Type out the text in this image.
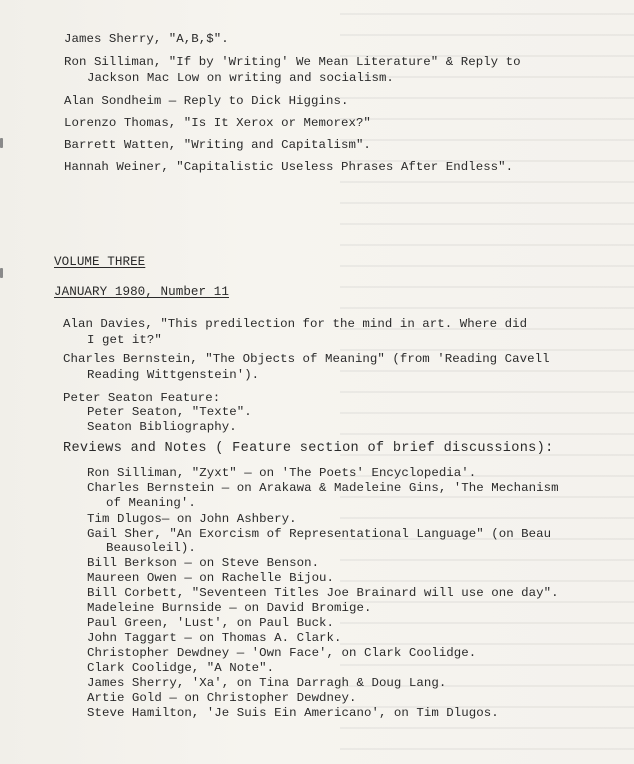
James Sherry, "A,B,$".
Ron Silliman, "If by 'Writing' We Mean Literature" & Reply to
Jackson Mac Low on writing and socialism.
Alan Sondheim — Reply to Dick Higgins.
Lorenzo Thomas, "Is It Xerox or Memorex?"
Barrett Watten, "Writing and Capitalism".
Hannah Weiner, "Capitalistic Useless Phrases After Endless".
VOLUME THREE
JANUARY 1980, Number 11
Alan Davies, "This predilection for the mind in art. Where did
I get it?"
Charles Bernstein, "The Objects of Meaning" (from 'Reading Cavell
Reading Wittgenstein').
Peter Seaton Feature:
Peter Seaton, "Texte".
Seaton Bibliography.
Reviews and Notes ( Feature section of brief discussions):
Ron Silliman, "Zyxt" — on 'The Poets' Encyclopedia'.
Charles Bernstein — on Arakawa & Madeleine Gins, 'The Mechanism
of Meaning'.
Tim Dlugos— on John Ashbery.
Gail Sher, "An Exorcism of Representational Language" (on Beau
Beausoleil).
Bill Berkson — on Steve Benson.
Maureen Owen — on Rachelle Bijou.
Bill Corbett, "Seventeen Titles Joe Brainard will use one day".
Madeleine Burnside — on David Bromige.
Paul Green, 'Lust', on Paul Buck.
John Taggart — on Thomas A. Clark.
Christopher Dewdney — 'Own Face', on Clark Coolidge.
Clark Coolidge, "A Note".
James Sherry, 'Xa', on Tina Darragh & Doug Lang.
Artie Gold — on Christopher Dewdney.
Steve Hamilton, 'Je Suis Ein Americano', on Tim Dlugos.
